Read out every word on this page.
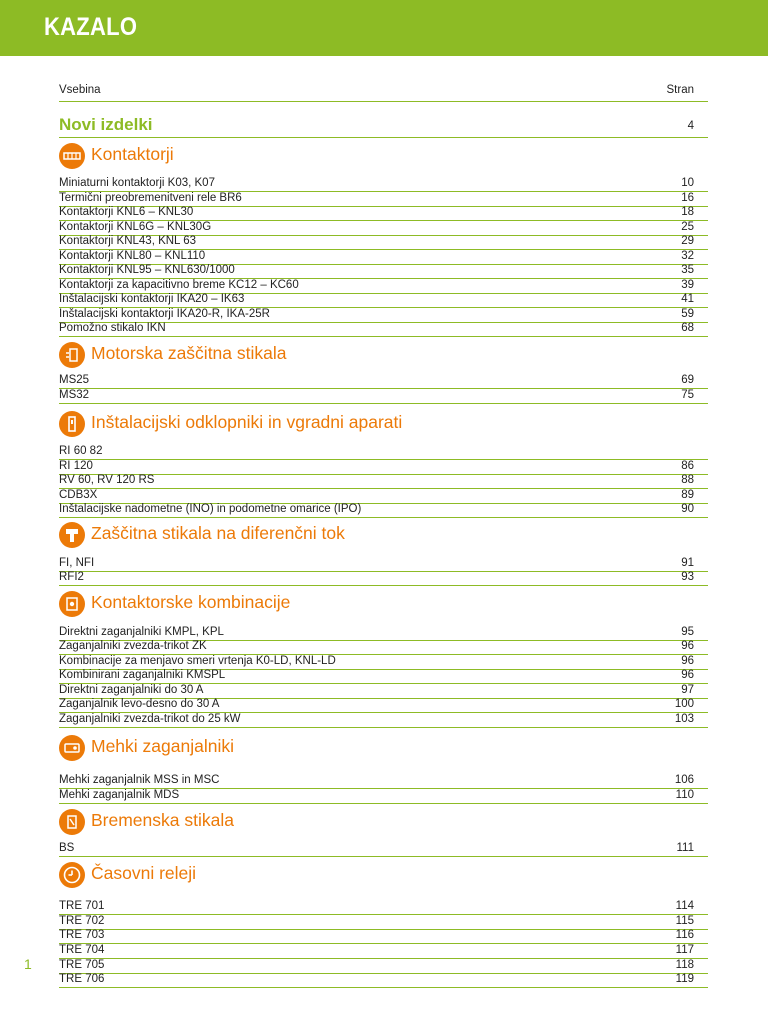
KAZALO
Vsebina	Stran
Novi izdelki	4
Kontaktorji
Miniaturni kontaktorji K03, K07	10
Termični preobremenitveni rele BR6	16
Kontaktorji KNL6 – KNL30	18
Kontaktorji KNL6G – KNL30G	25
Kontaktorji KNL43, KNL 63	29
Kontaktorji KNL80 – KNL110	32
Kontaktorji KNL95 – KNL630/1000	35
Kontaktorji za kapacitivno breme KC12 – KC60	39
Inštalacijski kontaktorji IKA20 – IK63	41
Inštalacijski kontaktorji IKA20-R, IKA-25R	59
Pomožno stikalo IKN	68
Motorska zaščitna stikala
MS25	69
MS32	75
Inštalacijski odklopniki in vgradni aparati
RI 60 82
RI 120	86
RV 60, RV 120 RS	88
CDB3X	89
Inštalacijske nadometne (INO) in podometne omarice (IPO)	90
Zaščitna stikala na diferenčni tok
FI, NFI	91
RFI2	93
Kontaktorske kombinacije
Direktni zaganjalniki KMPL, KPL	95
Zaganjalniki zvezda-trikot ZK	96
Kombinacije za menjavo smeri vrtenja K0-LD, KNL-LD	96
Kombinirani zaganjalniki KMSPL	96
Direktni zaganjalniki do 30 A	97
Zaganjalnik levo-desno do 30 A	100
Zaganjalniki zvezda-trikot do 25 kW	103
Mehki zaganjalniki
Mehki zaganjalnik MSS in MSC	106
Mehki zaganjalnik MDS	110
Bremenska stikala
BS	111
Časovni releji
TRE 701	114
TRE 702	115
TRE 703	116
TRE 704	117
TRE 705	118
TRE 706	119
1
